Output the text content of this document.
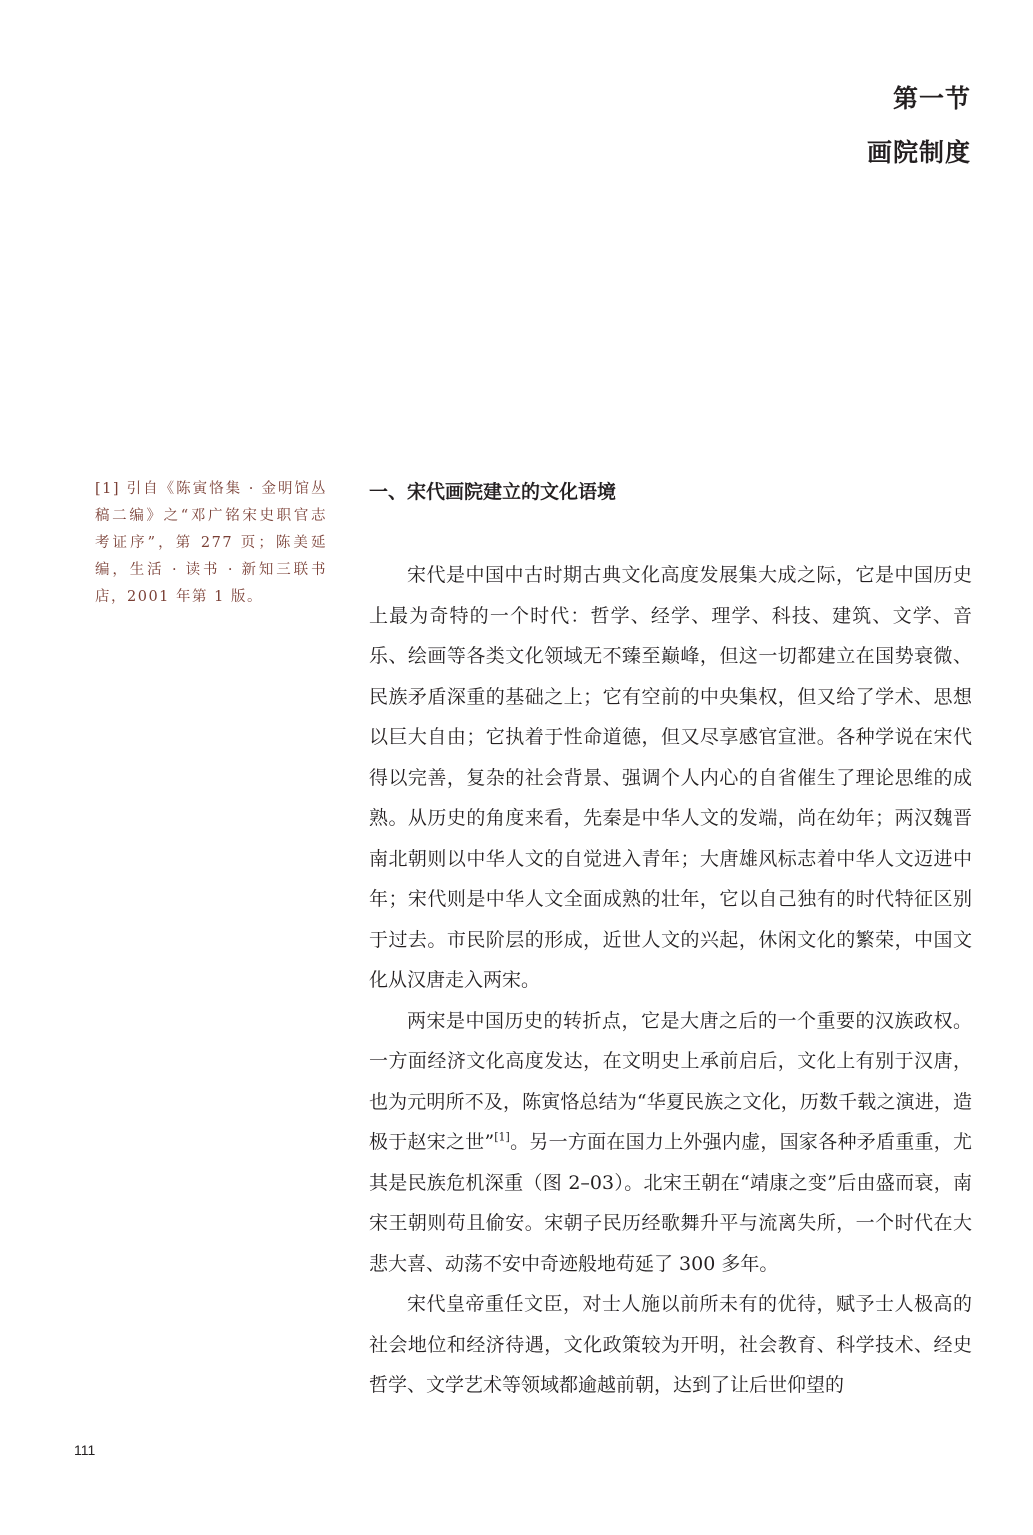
第一节
画院制度
[1] 引自《陈寅恪集 · 金明馆丛稿二编》之“邓广铭宋史职官志考证序”，第 277 页；陈美延编，生活 · 读书 · 新知三联书店，2001 年第 1 版。
一、宋代画院建立的文化语境

宋代是中国中古时期古典文化高度发展集大成之际，它是中国历史上最为奇特的一个时代：哲学、经学、理学、科技、建筑、文学、音乐、绘画等各类文化领域无不臻至巅峰，但这一切都建立在国势衰微、民族矛盾深重的基础之上；它有空前的中央集权，但又给了学术、思想以巨大自由；它执着于性命道德，但又尽享感官宣泄。各种学说在宋代得以完善，复杂的社会背景、强调个人内心的自省催生了理论思维的成熟。从历史的角度来看，先秦是中华人文的发端，尚在幼年；两汉魏晋南北朝则以中华人文的自觉进入青年；大唐雄风标志着中华人文迈进中年；宋代则是中华人文全面成熟的壮年，它以自己独有的时代特征区别于过去。市民阶层的形成，近世人文的兴起，休闲文化的繁荣，中国文化从汉唐走入两宋。

两宋是中国历史的转折点，它是大唐之后的一个重要的汉族政权。一方面经济文化高度发达，在文明史上承前启后，文化上有别于汉唐，也为元明所不及，陈寅恪总结为“华夏民族之文化，历数千载之演进，造极于赵宋之世”[1]。另一方面在国力上外强内虚，国家各种矛盾重重，尤其是民族危机深重（图 2–03）。北宋王朝在“靖康之变”后由盛而衰，南宋王朝则苟且偷安。宋朝子民历经歌舞升平与流离失所，一个时代在大悲大喜、动荡不安中奇迹般地苟延了 300 多年。

宋代皇帝重任文臣，对士人施以前所未有的优待，赋予士人极高的社会地位和经济待遇，文化政策较为开明，社会教育、科学技术、经史哲学、文学艺术等领域都逾越前朝，达到了让后世仰望的

111
